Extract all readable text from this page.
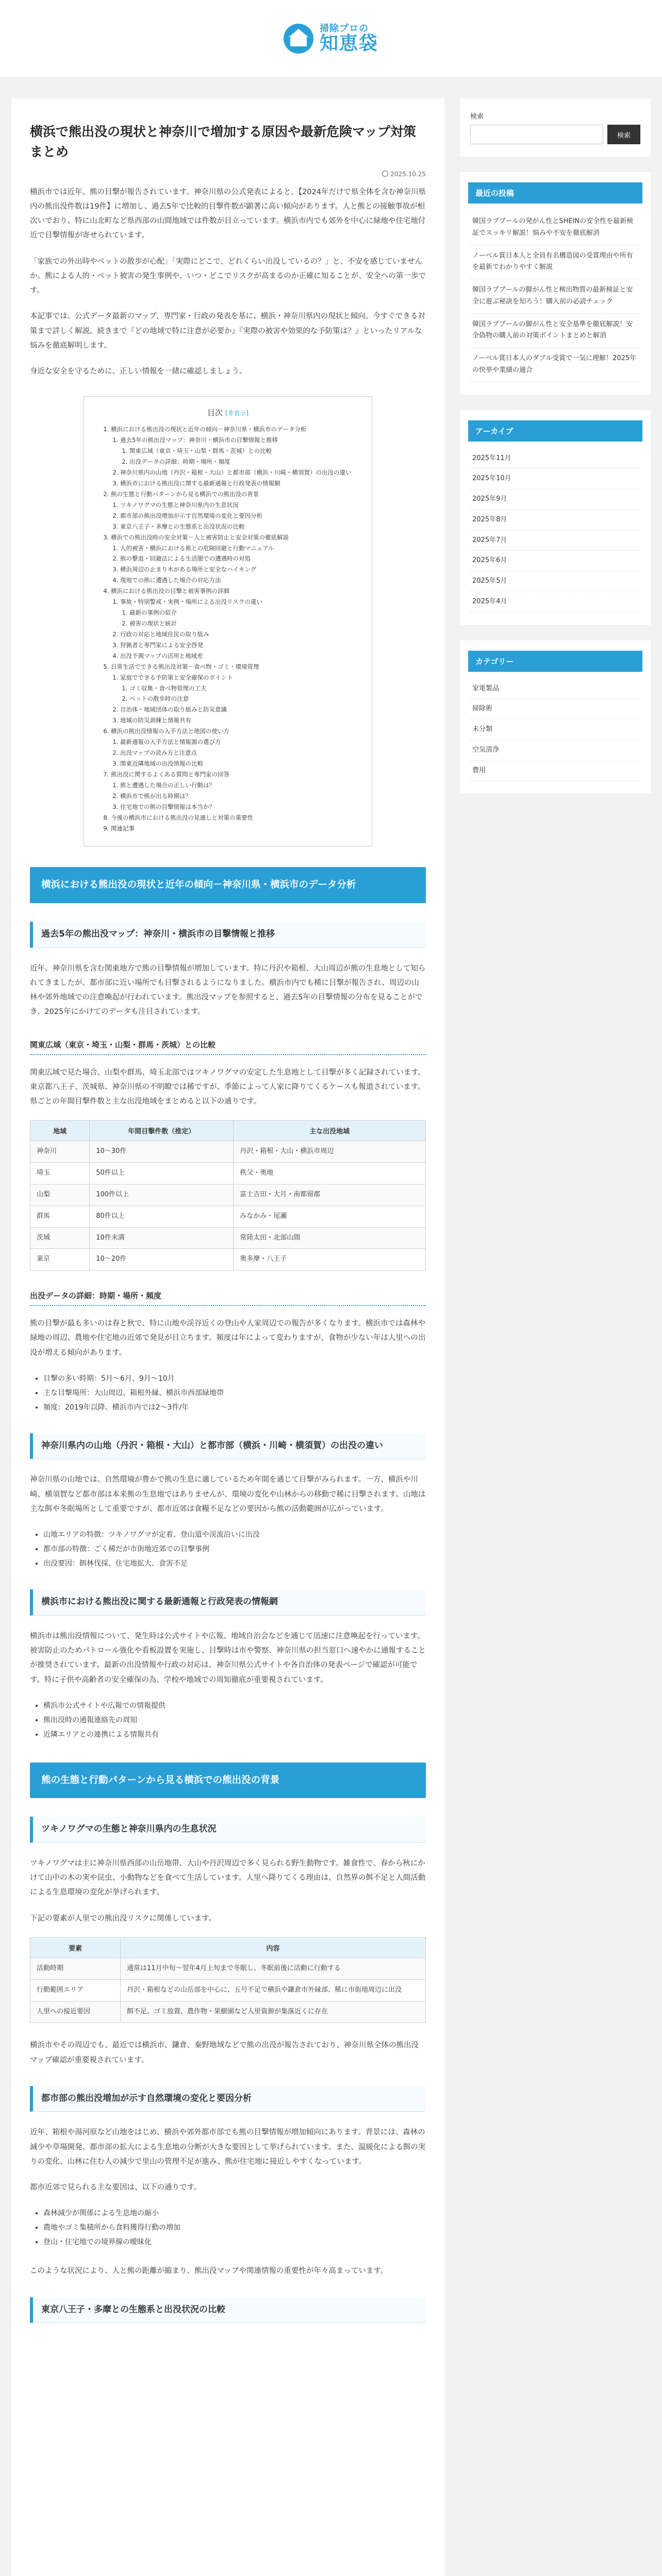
掃除プロの
知恵袋
横浜で熊出没の現状と神奈川で増加する原因や最新危険マップ対策まとめ
2025.10.25

横浜市では近年、熊の目撃が報告されています。神奈川県の公式発表によると、【2024年だけで県全体を含む神奈川県内の熊出没件数は19件】に増加し、過去5年で比較的目撃件数が顕著に高い傾向があります。人と熊との接触事故が相次いでおり、特に山北町など県西部の山間地域では件数が目立っています。横浜市内でも郊外を中心に緑地や住宅地付近で目撃情報が寄せられています。

「家族での外出時やペットの散歩が心配」「実際にどこで、どれくらい出没しているの？」と、不安を感じていませんか。熊による人的・ペット被害の発生事例や、いつ・どこでリスクが高まるのか正確に知ることが、安全への第一歩です。

本記事では、公式データ最新のマップ、専門家・行政の発表を基に、横浜・神奈川県内の現状と傾向、今すぐできる対策まで詳しく解説。続きまで『どの地域で特に注意が必要か』『実際の被害や効果的な予防策は？』といったリアルな悩みを徹底解明します。

身近な安全を守るために、正しい情報を一緒に確認しましょう。

目次 [非表示]
1. 横浜における熊出没の現状と近年の傾向－神奈川県・横浜市のデータ分析
1. 過去5年の熊出没マップ：神奈川・横浜市の目撃情報と推移
1. 関東広域（東京・埼玉・山梨・群馬・茨城）との比較
2. 出没データの詳細：時期・場所・頻度
2. 神奈川県内の山地（丹沢・箱根・大山）と都市部（横浜・川崎・横須賀）の出没の違い
3. 横浜市における熊出没に関する最新通報と行政発表の情報網
2. 熊の生態と行動パターンから見る横浜での熊出没の背景
1. ツキノワグマの生態と神奈川県内の生息状況
2. 都市部の熊出没増加が示す自然環境の変化と要因分析
3. 東京八王子・多摩との生態系と出没状況の比較
3. 横浜での熊出没時の安全対策－人と被害防止と安全対策の徹底解説
1. 人的被害・横浜における熊との危険回避と行動マニュアル
2. 熊の撃退・回避法による生活圏での遭遇時の対処
3. 横浜周辺の止まり木がある場所と安全なハイキング
4. 現地での熊に遭遇した場合の対応方法
4. 横浜における熊出没の目撃と被害事例の詳細
1. 事故・特別警戒・実例・場所による出没リスクの違い
1. 最新の事例の紹介
2. 被害の現状と統計
2. 行政の対応と地域住民の取り組み
3. 狩猟者と専門家による安全啓発
4. 出没予測マップの活用と地域差
5. 日常生活でできる熊出没対策－食べ物・ゴミ・環境管理
1. 家庭でできる予防策と安全確保のポイント
1. ゴミ収集・食べ物管理の工夫
2. ペットの散歩時の注意
2. 自治体・地域団体の取り組みと防災意識
3. 地域の防災訓練と情報共有
6. 横浜の熊出没情報の入手方法と地図の使い方
1. 最新通報の入手方法と情報源の選び方
2. 出没マップの読み方と注意点
3. 関東近隣地域の出没情報の比較
7. 熊出没に関するよくある質問と専門家の回答
1. 熊と遭遇した場合の正しい行動は？
2. 横浜市で熊が出る時期は？
3. 住宅地での熊の目撃情報は本当か？
8. 今後の横浜市における熊出没の見通しと対策の重要性
9. 関連記事
横浜における熊出没の現状と近年の傾向－神奈川県・横浜市のデータ分析
過去5年の熊出没マップ：神奈川・横浜市の目撃情報と推移

近年、神奈川県を含む関東地方で熊の目撃情報が増加しています。特に丹沢や箱根、大山周辺が熊の生息地として知られてきましたが、都市部に近い場所でも目撃されるようになりました。横浜市内でも稀に目撃が報告され、周辺の山林や郊外地域での注意喚起が行われています。熊出没マップを参照すると、過去5年の目撃情報の分布を見ることができ、2025年にかけてのデータも注目されています。

関東広域（東京・埼玉・山梨・群馬・茨城）との比較

関東広域で見た場合、山梨や群馬、埼玉北部ではツキノワグマの安定した生息地として目撃が多く記録されています。東京都八王子、茨城県、神奈川県の不明瞭では稀ですが、季節によって人家に降りてくるケースも報道されています。県ごとの年間目撃件数と主な出没地域をまとめると以下の通りです。

地域	年間目撃件数（推定）	主な出没地域
神奈川	10～30件	丹沢・箱根・大山・横浜市周辺
埼玉	50件以上	秩父・奥地
山梨	100件以上	富士吉田・大月・南都留郡
群馬	80件以上	みなかみ・尾瀬
茨城	10件未満	常陸太田・北部山間
東京	10～20件	奥多摩・八王子
出没データの詳細：時期・場所・頻度

熊の目撃が最も多いのは春と秋で、特に山地や渓谷近くの登山や人家周辺での報告が多くなります。横浜市では森林や緑地の周辺、農地や住宅地の近郊で発見が目立ちます。頻度は年によって変わりますが、食物が少ない年は人里への出没が増える傾向があります。

• 目撃の多い時期：5月～6月、9月～10月
• 主な目撃場所：大山周辺、箱根外縁、横浜市西部緑地帯
• 頻度：2019年以降、横浜市内では2～3件/年
神奈川県内の山地（丹沢・箱根・大山）と都市部（横浜・川崎・横須賀）の出没の違い

神奈川県の山地では、自然環境が豊かで熊の生息に適しているため年間を通じて目撃がみられます。一方、横浜や川崎、横須賀など都市部は本来熊の生息地ではありませんが、環境の変化や山林からの移動で稀に目撃されます。山地は主な餌や冬眠場所として重要ですが、都市近郊は食糧不足などの要因から熊の活動範囲が広がっています。

• 山地エリアの特徴：ツキノワグマが定着、登山道や渓流沿いに出没
• 都市部の特徴：ごく稀だが市街地近郊での目撃事例
• 出没要因：餌林伐採、住宅地拡大、食害不足
横浜市における熊出没に関する最新通報と行政発表の情報網

横浜市は熊出没情報について、発生時は公式サイトや広報、地域自治会などを通じて迅速に注意喚起を行っています。被害防止のためパトロール強化や看板設置を実施し、目撃時は市や警察、神奈川県の担当窓口へ速やかに通報することが推奨されています。最新の出没情報や行政の対応は、神奈川県公式サイトや各自治体の発表ページで確認が可能です。特に子供や高齢者の安全確保の為、学校や地域での周知徹底が重要視されています。

• 横浜市公式サイトや広報での情報提供
• 熊出没時の通報連絡先の周知
• 近隣エリアとの連携による情報共有
熊の生態と行動パターンから見る横浜での熊出没の背景
ツキノワグマの生態と神奈川県内の生息状況

ツキノワグマは主に神奈川県西部の山岳地帯、大山や丹沢周辺で多く見られる野生動物です。雑食性で、春から秋にかけて山中の木の実や昆虫、小動物などを食べて生活しています。人里へ降りてくる理由は、自然界の餌不足と人間活動による生息環境の変化が挙げられます。

下記の要素が人里での熊出没リスクに関係しています。

要素	内容
活動時期	通常は11月中旬～翌年4月上旬まで冬眠し、冬眠前後に活動に行動する
行動範囲エリア	丹沢・箱根などの山岳部を中心に、五号不足で横浜や鎌倉市外縁部、稀に市街地周辺に出没
人里への接近要因	餌不足、ゴミ放置、農作物・果樹園など人里資源が集落近くに存在

横浜市やその周辺でも、最近では横浜市、鎌倉、秦野地域などで熊の出没が報告されており、神奈川県全体の熊出没マップ確認が重要視されています。

都市部の熊出没増加が示す自然環境の変化と要因分析

近年、箱根や湯河原など山地をはじめ、横浜や郊外都市部でも熊の目撃情報が増加傾向にあります。背景には、森林の減少や草場開発、都市部の拡大による生息地の分断が大きな要因として挙げられています。また、温暖化による餌の実りの変化、山林に住む人の減少で里山の管理不足が進み、熊が住宅地に接近しやすくなっています。

都市近郊で見られる主な要因は、以下の通りです。

• 森林減少が関係による生息地の縮小
• 農地やゴミ集積所から食料獲得行動の増加
• 登山・住宅地での境界線の曖昧化

このような状況により、人と熊の距離が縮まり、熊出没マップや関連情報の重要性が年々高まっています。

東京八王子・多摩との生態系と出没状況の比較
検索
検索
最近の投稿
韓国ラブブールの発がん性とSHEINの安全性を最新検証でスッキリ解説！悩みや不安を徹底解消
ノーベル賞日本人と全員有名構造図の受賞理由や所有を最新でわかりやすく解説
韓国ラブブールの脚がん性と検出物質の最新検証と安全に遊ぶ秘訣を知ろう！購入前の必読チェック
韓国ラブブールの脚がん性と安全基準を徹底解説！安全偽物の購入前の対策ポイントまとめと解消
ノーベル賞日本人のダブル受賞で一気に理解！2025年の快挙や業績の適合
アーカイブ
2025年11月
2025年10月
2025年9月
2025年8月
2025年7月
2025年6月
2025年5月
2025年4月
カテゴリー
家電製品
掃除術
未分類
空気清浄
費用
